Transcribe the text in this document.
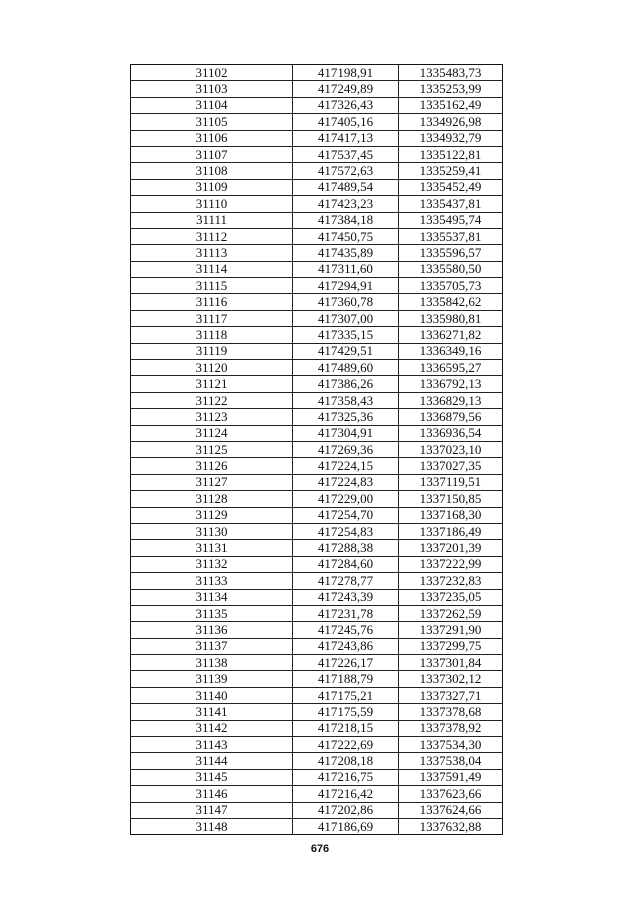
31102	417198,91	1335483,73
31103	417249,89	1335253,99
31104	417326,43	1335162,49
31105	417405,16	1334926,98
31106	417417,13	1334932,79
31107	417537,45	1335122,81
31108	417572,63	1335259,41
31109	417489,54	1335452,49
31110	417423,23	1335437,81
31111	417384,18	1335495,74
31112	417450,75	1335537,81
31113	417435,89	1335596,57
31114	417311,60	1335580,50
31115	417294,91	1335705,73
31116	417360,78	1335842,62
31117	417307,00	1335980,81
31118	417335,15	1336271,82
31119	417429,51	1336349,16
31120	417489,60	1336595,27
31121	417386,26	1336792,13
31122	417358,43	1336829,13
31123	417325,36	1336879,56
31124	417304,91	1336936,54
31125	417269,36	1337023,10
31126	417224,15	1337027,35
31127	417224,83	1337119,51
31128	417229,00	1337150,85
31129	417254,70	1337168,30
31130	417254,83	1337186,49
31131	417288,38	1337201,39
31132	417284,60	1337222,99
31133	417278,77	1337232,83
31134	417243,39	1337235,05
31135	417231,78	1337262,59
31136	417245,76	1337291,90
31137	417243,86	1337299,75
31138	417226,17	1337301,84
31139	417188,79	1337302,12
31140	417175,21	1337327,71
31141	417175,59	1337378,68
31142	417218,15	1337378,92
31143	417222,69	1337534,30
31144	417208,18	1337538,04
31145	417216,75	1337591,49
31146	417216,42	1337623,66
31147	417202,86	1337624,66
31148	417186,69	1337632,88
676
